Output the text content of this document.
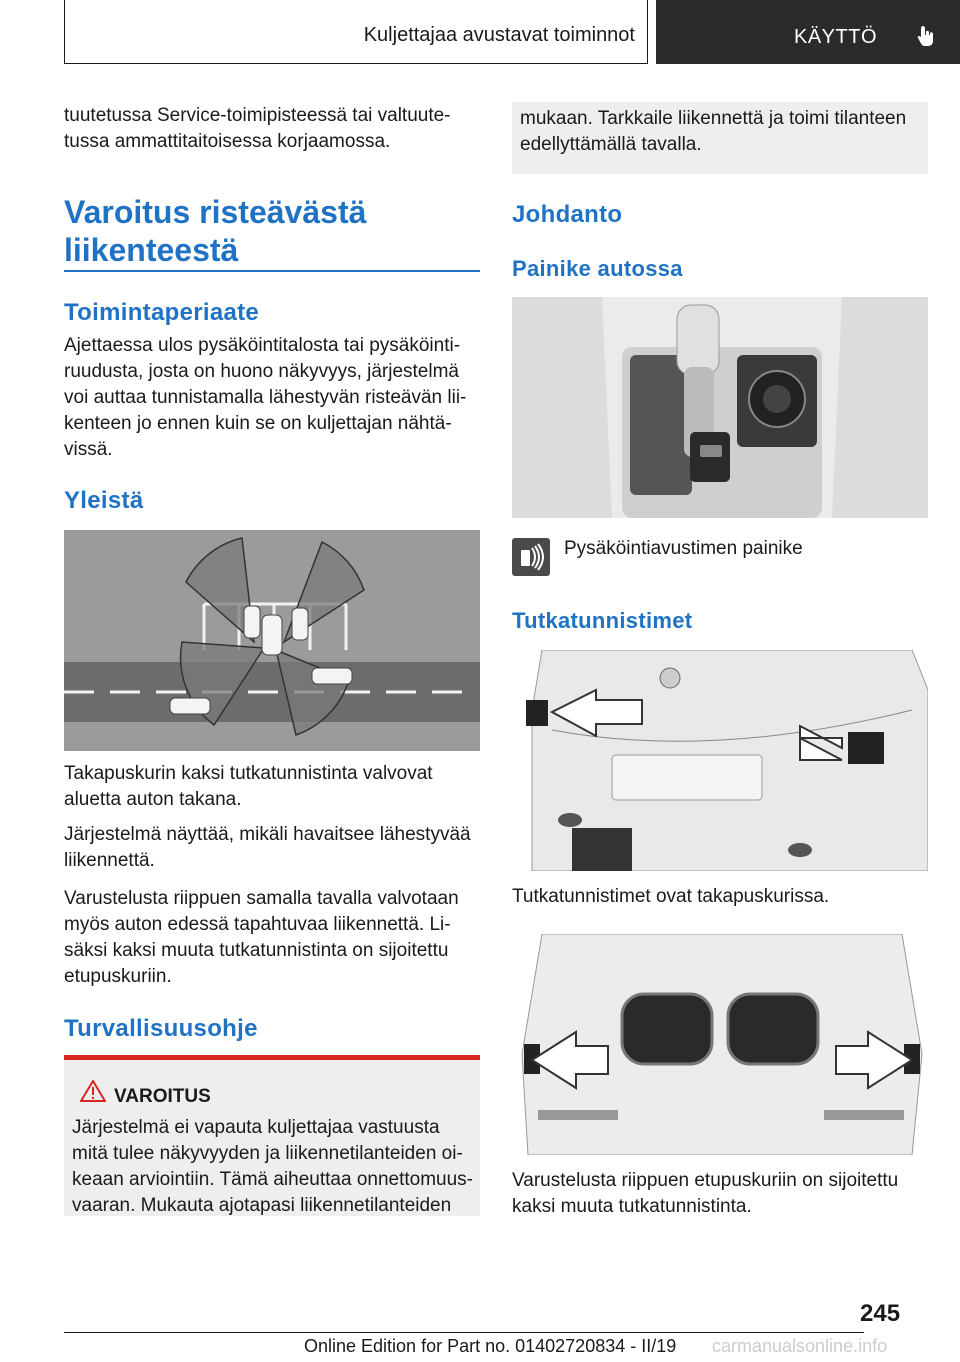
Kuljettajaa avustavat toiminnot	KÄYTTÖ

tuutetussa Service-toimipisteessä tai valtuute-

tussa ammattitaitoisessa korjaamossa.

Varoitus risteävästä
liikenteestä
Toimintaperiaate

Ajettaessa ulos pysäköintitalosta tai pysäköinti-

ruudusta, josta on huono näkyvyys, järjestelmä

voi auttaa tunnistamalla lähestyvän risteävän lii-

kenteen jo ennen kuin se on kuljettajan nähtä-

vissä.

Yleistä

Takapuskurin kaksi tutkatunnistinta valvovat

aluetta auton takana.

Järjestelmä näyttää, mikäli havaitsee lähestyvää

liikennettä.

Varustelusta riippuen samalla tavalla valvotaan

myös auton edessä tapahtuvaa liikennettä. Li-

säksi kaksi muuta tutkatunnistinta on sijoitettu

etupuskuriin.

Turvallisuusohje
VAROITUS

Järjestelmä ei vapauta kuljettajaa vastuusta

mitä tulee näkyvyyden ja liikennetilanteiden oi-

keaan arviointiin. Tämä aiheuttaa onnettomuus-

vaaran. Mukauta ajotapasi liikennetilanteiden

mukaan. Tarkkaile liikennettä ja toimi tilanteen

edellyttämällä tavalla.

Johdanto
Painike autossa

Pysäköintiavustimen painike

Tutkatunnistimet

Tutkatunnistimet ovat takapuskurissa.

Varustelusta riippuen etupuskuriin on sijoitettu

kaksi muuta tutkatunnistinta.

245
Online Edition for Part no. 01402720834 - II/19 carmanualsonline.info
